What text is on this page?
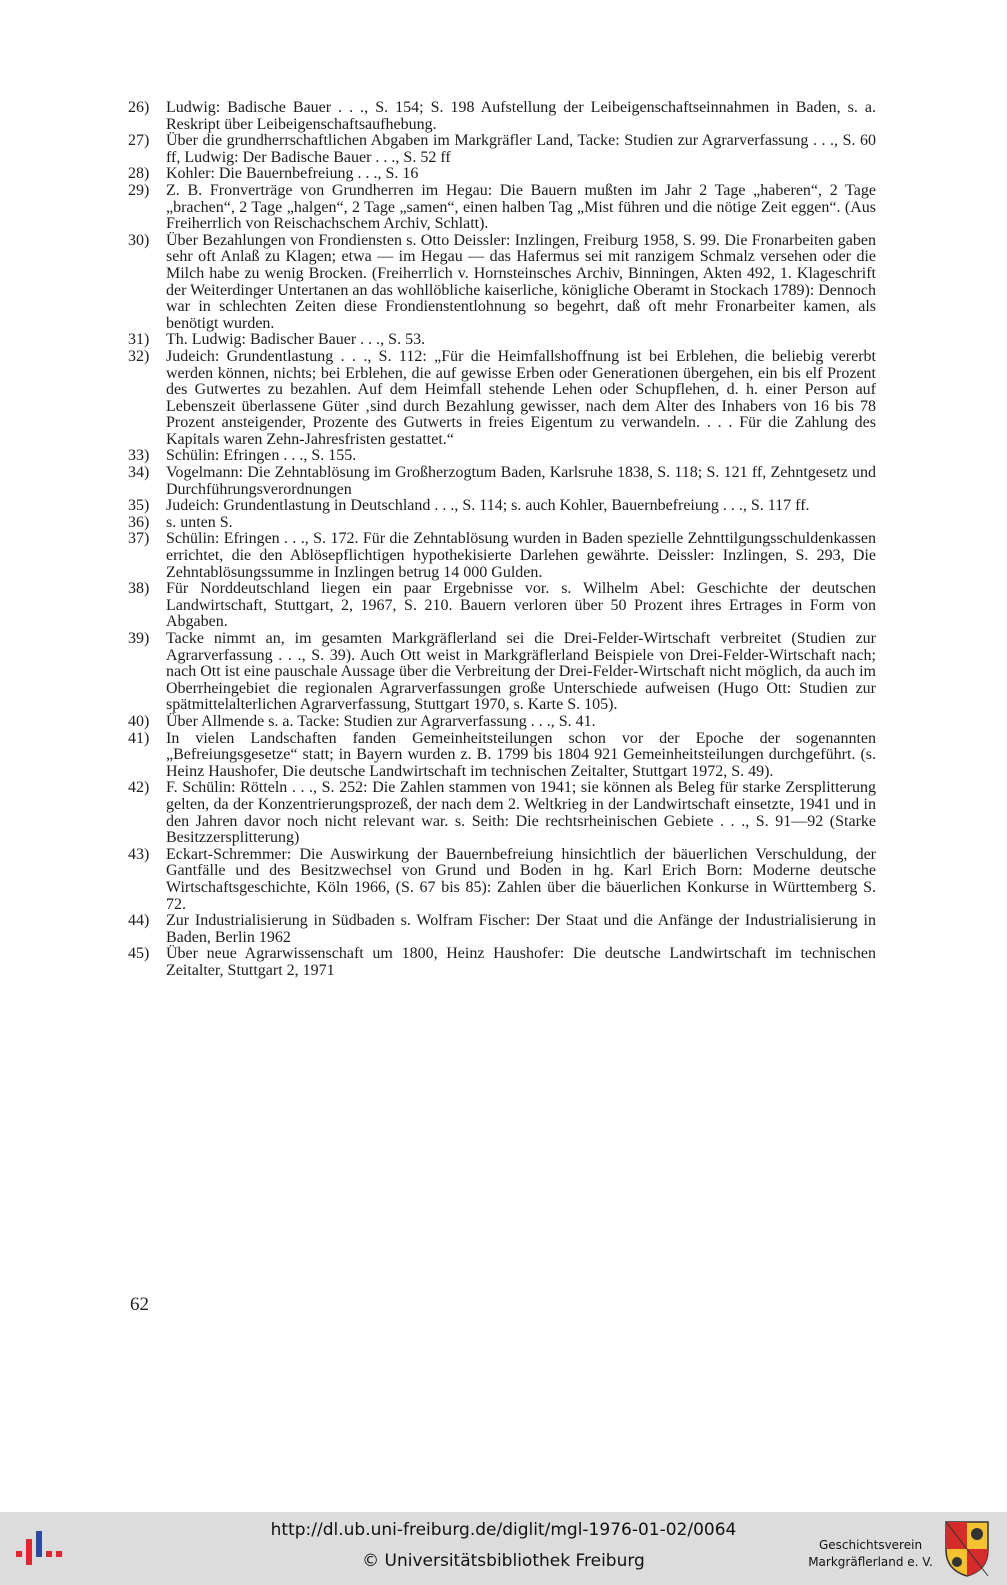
26)	Ludwig: Badische Bauer . . ., S. 154; S. 198 Aufstellung der Leibeigenschaftseinnahmen in Baden, s. a. Reskript über Leibeigenschaftsaufhebung.
27)	Über die grundherrschaftlichen Abgaben im Markgräfler Land, Tacke: Studien zur Agrarverfassung . . ., S. 60 ff, Ludwig: Der Badische Bauer . . ., S. 52 ff
28)	Kohler: Die Bauernbefreiung . . ., S. 16
29)	Z. B. Fronverträge von Grundherren im Hegau: Die Bauern mußten im Jahr 2 Tage „haberen“, 2 Tage „brachen“, 2 Tage „halgen“, 2 Tage „samen“, einen halben Tag „Mist führen und die nötige Zeit eggen“. (Aus Freiherrlich von Reischachschem Archiv, Schlatt).
30)	Über Bezahlungen von Frondiensten s. Otto Deissler: Inzlingen, Freiburg 1958, S. 99. Die Fronarbeiten gaben sehr oft Anlaß zu Klagen; etwa — im Hegau — das Hafermus sei mit ranzigem Schmalz versehen oder die Milch habe zu wenig Brocken. (Freiherrlich v. Hornsteinsches Archiv, Binningen, Akten 492, 1. Klageschrift der Weiterdinger Untertanen an das wohllöbliche kaiserliche, königliche Oberamt in Stockach 1789): Dennoch war in schlechten Zeiten diese Frondienstentlohnung so begehrt, daß oft mehr Fronarbeiter kamen, als benötigt wurden.
31)	Th. Ludwig: Badischer Bauer . . ., S. 53.
32)	Judeich: Grundentlastung . . ., S. 112: „Für die Heimfallshoffnung ist bei Erblehen, die beliebig vererbt werden können, nichts; bei Erblehen, die auf gewisse Erben oder Generationen übergehen, ein bis elf Prozent des Gutwertes zu bezahlen. Auf dem Heimfall stehende Lehen oder Schupflehen, d. h. einer Person auf Lebenszeit überlassene Güter ‚sind durch Bezahlung gewisser, nach dem Alter des Inhabers von 16 bis 78 Prozent ansteigender, Prozente des Gutwerts in freies Eigentum zu verwandeln. . . . Für die Zahlung des Kapitals waren Zehn-Jahresfristen gestattet.“
33)	Schülin: Efringen . . ., S. 155.
34)	Vogelmann: Die Zehntablösung im Großherzogtum Baden, Karlsruhe 1838, S. 118; S. 121 ff, Zehntgesetz und Durchführungsverordnungen
35)	Judeich: Grundentlastung in Deutschland . . ., S. 114; s. auch Kohler, Bauernbefreiung . . ., S. 117 ff.
36)	s. unten S.
37)	Schülin: Efringen . . ., S. 172. Für die Zehntablösung wurden in Baden spezielle Zehnttilgungsschuldenkassen errichtet, die den Ablösepflichtigen hypothekisierte Darlehen gewährte. Deissler: Inzlingen, S. 293, Die Zehntablösungssumme in Inzlingen betrug 14 000 Gulden.
38)	Für Norddeutschland liegen ein paar Ergebnisse vor. s. Wilhelm Abel: Geschichte der deutschen Landwirtschaft, Stuttgart, 2, 1967, S. 210. Bauern verloren über 50 Prozent ihres Ertrages in Form von Abgaben.
39)	Tacke nimmt an, im gesamten Markgräflerland sei die Drei-Felder-Wirtschaft verbreitet (Studien zur Agrarverfassung . . ., S. 39). Auch Ott weist in Markgräflerland Beispiele von Drei-Felder-Wirtschaft nach; nach Ott ist eine pauschale Aussage über die Verbreitung der Drei-Felder-Wirtschaft nicht möglich, da auch im Oberrheingebiet die regionalen Agrarverfassungen große Unterschiede aufweisen (Hugo Ott: Studien zur spätmittelalterlichen Agrarverfassung, Stuttgart 1970, s. Karte S. 105).
40)	Über Allmende s. a. Tacke: Studien zur Agrarverfassung . . ., S. 41.
41)	In vielen Landschaften fanden Gemeinheitsteilungen schon vor der Epoche der sogenannten „Befreiungsgesetze“ statt; in Bayern wurden z. B. 1799 bis 1804 921 Gemeinheitsteilungen durchgeführt. (s. Heinz Haushofer, Die deutsche Landwirtschaft im technischen Zeitalter, Stuttgart 1972, S. 49).
42)	F. Schülin: Rötteln . . ., S. 252: Die Zahlen stammen von 1941; sie können als Beleg für starke Zersplitterung gelten, da der Konzentrierungsprozeß, der nach dem 2. Weltkrieg in der Landwirtschaft einsetzte, 1941 und in den Jahren davor noch nicht relevant war. s. Seith: Die rechtsrheinischen Gebiete . . ., S. 91—92 (Starke Besitzzersplitterung)
43)	Eckart-Schremmer: Die Auswirkung der Bauernbefreiung hinsichtlich der bäuerlichen Verschuldung, der Gantfälle und des Besitzwechsel von Grund und Boden in hg. Karl Erich Born: Moderne deutsche Wirtschaftsgeschichte, Köln 1966, (S. 67 bis 85): Zahlen über die bäuerlichen Konkurse in Württemberg S. 72.
44)	Zur Industrialisierung in Südbaden s. Wolfram Fischer: Der Staat und die Anfänge der Industrialisierung in Baden, Berlin 1962
45)	Über neue Agrarwissenschaft um 1800, Heinz Haushofer: Die deutsche Landwirtschaft im technischen Zeitalter, Stuttgart 2, 1971
62
http://dl.ub.uni-freiburg.de/diglit/mgl-1976-01-02/0064
© Universitätsbibliothek Freiburg
Geschichtsverein
Markgräflerland e. V.
